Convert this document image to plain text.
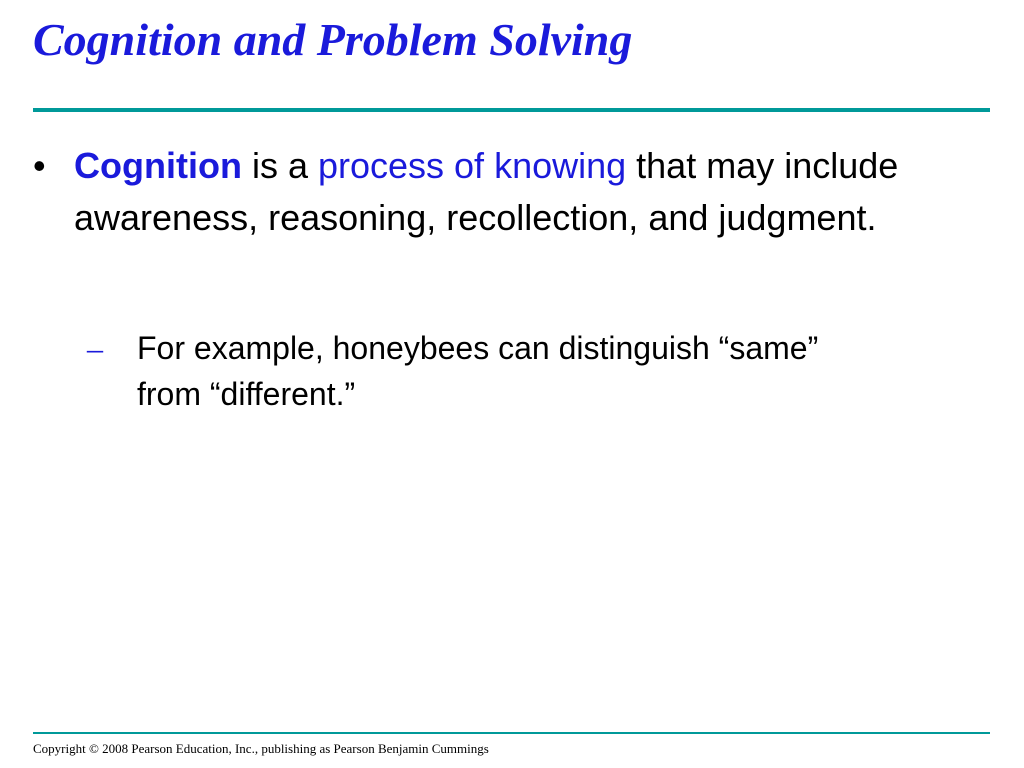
Cognition and Problem Solving
• Cognition is a process of knowing that may include awareness, reasoning, recollection, and judgment.
– For example, honeybees can distinguish “same” from “different.”
Copyright © 2008 Pearson Education, Inc., publishing as Pearson Benjamin Cummings
